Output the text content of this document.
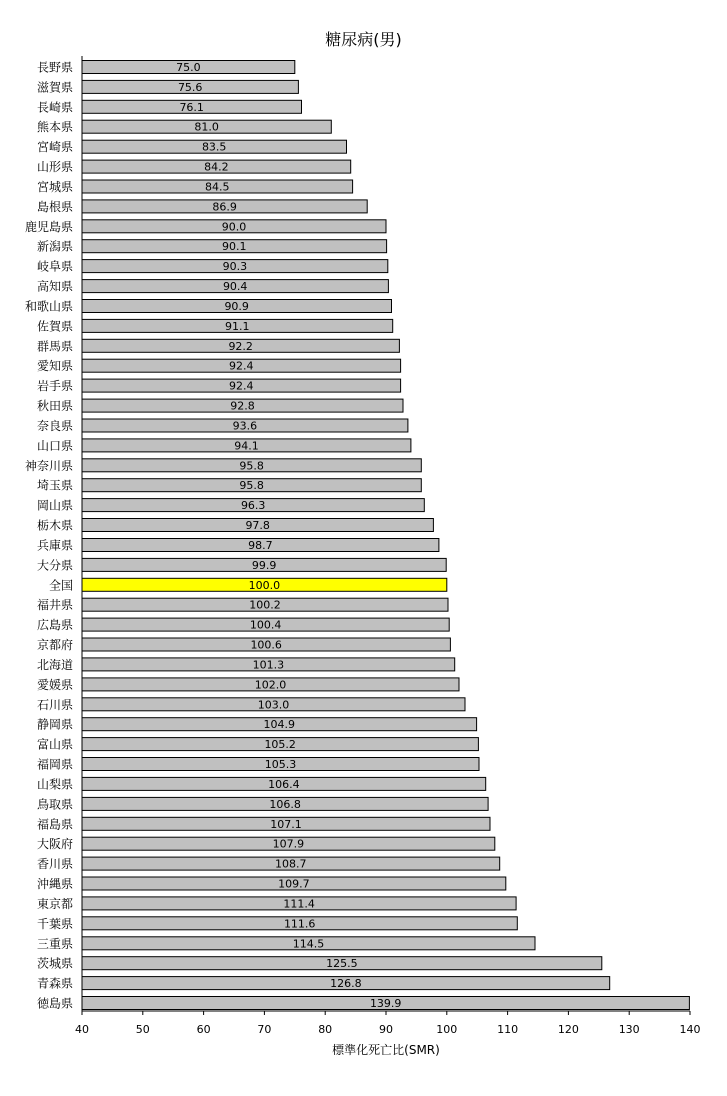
糖尿病(男)
75.0
長野県
75.6
滋賀県
76.1
長崎県
81.0
熊本県
83.5
宮崎県
84.2
山形県
84.5
宮城県
86.9
島根県
90.0
鹿児島県
90.1
新潟県
90.3
岐阜県
90.4
高知県
90.9
和歌山県
91.1
佐賀県
92.2
群馬県
92.4
愛知県
92.4
岩手県
92.8
秋田県
93.6
奈良県
94.1
山口県
95.8
神奈川県
95.8
埼玉県
96.3
岡山県
97.8
栃木県
98.7
兵庫県
99.9
大分県
100.0
全国
100.2
福井県
100.4
広島県
100.6
京都府
101.3
北海道
102.0
愛媛県
103.0
石川県
104.9
静岡県
105.2
富山県
105.3
福岡県
106.4
山梨県
106.8
鳥取県
107.1
福島県
107.9
大阪府
108.7
香川県
109.7
沖縄県
111.4
東京都
111.6
千葉県
114.5
三重県
125.5
茨城県
126.8
青森県
139.9
徳島県
40	50	60	70	80	90	100	110	120	130	140
標準化死亡比(SMR)
